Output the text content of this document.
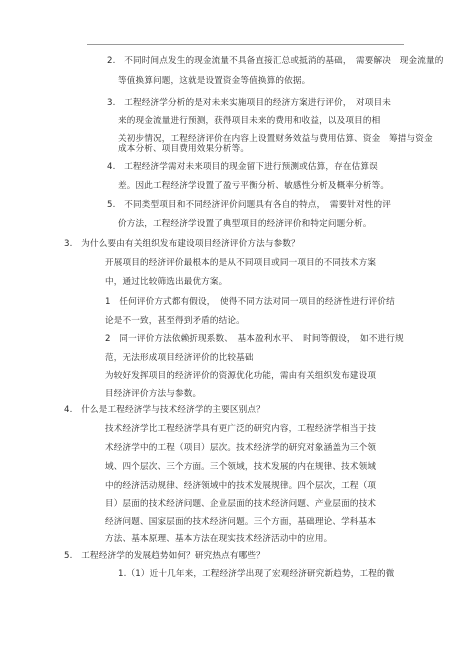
2.　不同时间点发生的现金流量不具备直接汇总或抵消的基础，　需要解决　现金流量的
等值换算问题，这就是设置资金等值换算的依据。
3.　工程经济学分析的是对未来实施项目的经济方案进行评价，　对项目未
来的现金流量进行预测，获得项目未来的费用和收益，以及项目的相
关初步情况，工程经济评价在内容上设置财务效益与费用估算、资金　筹措与资金
成本分析、项目费用效果分析等。
4.　工程经济学需对未来项目的现金留下进行预测或估算，存在估算误
差。因此工程经济学设置了盈亏平衡分析、敏感性分析及概率分析等。
5.　不同类型项目和不同经济评价问题具有各自的特点，　需要针对性的评
价方法，工程经济学设置了典型项目的经济评价和特定问题分析。
3.　为什么要由有关组织发布建设项目经济评价方法与参数？
开展项目的经济评价最根本的是从不同项目或同一项目的不同技术方案
中，通过比较筛选出最优方案。
1　任何评价方式都有假设，　使得不同方法对同一项目的经济性进行评价结
论是不一致，甚至得到矛盾的结论。
2　同一评价方法依赖折现系数、　基本盈利水平、　时间等假设，　如不进行规
范，无法形成项目经济评价的比较基础
为较好发挥项目的经济评价的资源优化功能，需由有关组织发布建设项
目经济评价方法与参数。
4.　什么是工程经济学与技术经济学的主要区别点？
技术经济学比工程经济学具有更广泛的研究内容，工程经济学相当于技
术经济学中的工程（项目）层次。技术经济学的研究对象涵盖为三个领
域、四个层次、三个方面。三个领域，技术发展的内在规律、技术领域
中的经济活动规律、经济领域中的技术发展规律。四个层次，工程（项
目）层面的技术经济问题、企业层面的技术经济问题、产业层面的技术
经济问题、国家层面的技术经济问题。三个方面，基础理论、学科基本
方法、基本原理、基本方法在现实技术经济活动中的应用。
5.　工程经济学的发展趋势如何？研究热点有哪些？
1.（1）近十几年来，工程经济学出现了宏观经济研究新趋势，工程的微
